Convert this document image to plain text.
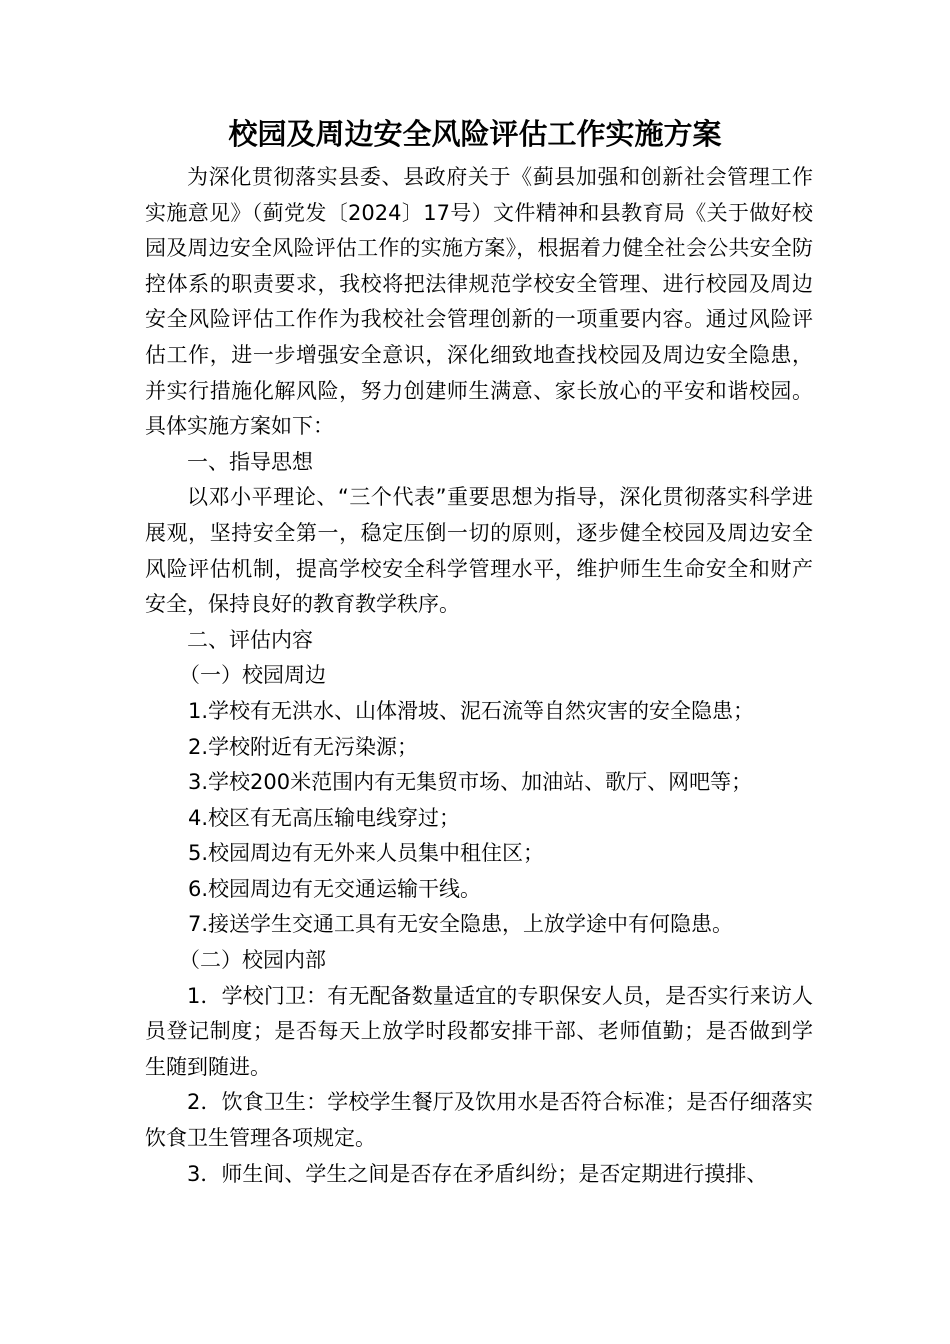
校园及周边安全风险评估工作实施方案

为深化贯彻落实县委、县政府关于《蓟县加强和创新社会管理工作实施意见》（蓟党发〔2024〕17号）文件精神和县教育局《关于做好校园及周边安全风险评估工作的实施方案》，根据着力健全社会公共安全防控体系的职责要求，我校将把法律规范学校安全管理、进行校园及周边安全风险评估工作作为我校社会管理创新的一项重要内容。通过风险评估工作，进一步增强安全意识，深化细致地查找校园及周边安全隐患，并实行措施化解风险，努力创建师生满意、家长放心的平安和谐校园。具体实施方案如下：

一、指导思想

以邓小平理论、“三个代表”重要思想为指导，深化贯彻落实科学进展观，坚持安全第一，稳定压倒一切的原则，逐步健全校园及周边安全风险评估机制，提高学校安全科学管理水平，维护师生生命安全和财产安全，保持良好的教育教学秩序。

二、评估内容

（一）校园周边

1.学校有无洪水、山体滑坡、泥石流等自然灾害的安全隐患；

2.学校附近有无污染源；

3.学校200米范围内有无集贸市场、加油站、歌厅、网吧等；

4.校区有无高压输电线穿过；

5.校园周边有无外来人员集中租住区；

6.校园周边有无交通运输干线。

7.接送学生交通工具有无安全隐患，上放学途中有何隐患。

（二）校园内部

1．学校门卫：有无配备数量适宜的专职保安人员，是否实行来访人员登记制度；是否每天上放学时段都安排干部、老师值勤；是否做到学生随到随进。

2．饮食卫生：学校学生餐厅及饮用水是否符合标准；是否仔细落实饮食卫生管理各项规定。

3．师生间、学生之间是否存在矛盾纠纷；是否定期进行摸排、
